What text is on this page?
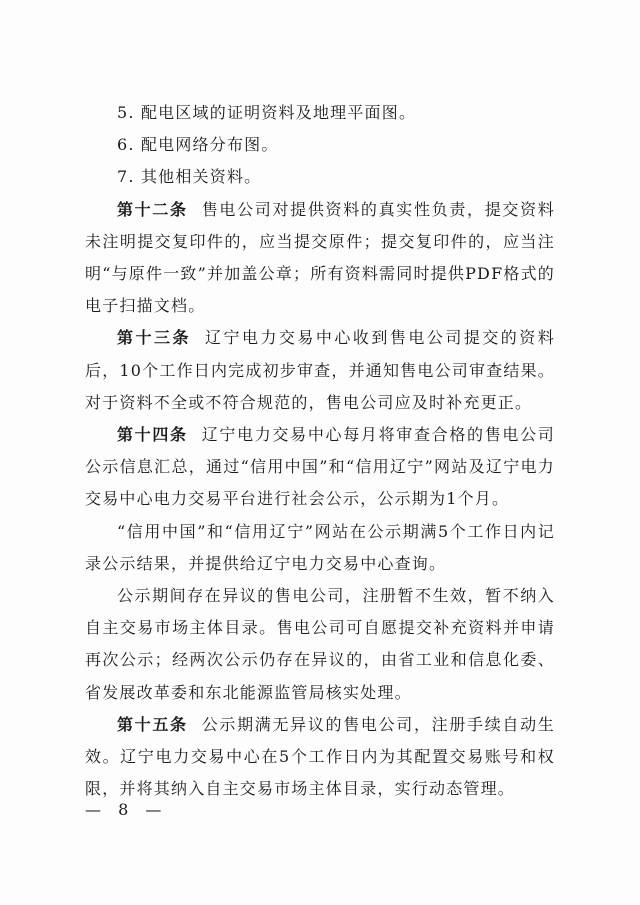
5. 配电区域的证明资料及地理平面图。

6. 配电网络分布图。

7. 其他相关资料。

第十二条 售电公司对提供资料的真实性负责，提交资料未注明提交复印件的，应当提交原件；提交复印件的，应当注明“与原件一致”并加盖公章；所有资料需同时提供PDF格式的电子扫描文档。

第十三条 辽宁电力交易中心收到售电公司提交的资料后，10个工作日内完成初步审查，并通知售电公司审查结果。对于资料不全或不符合规范的，售电公司应及时补充更正。

第十四条 辽宁电力交易中心每月将审查合格的售电公司公示信息汇总，通过“信用中国”和“信用辽宁”网站及辽宁电力交易中心电力交易平台进行社会公示，公示期为1个月。

“信用中国”和“信用辽宁”网站在公示期满5个工作日内记录公示结果，并提供给辽宁电力交易中心查询。

公示期间存在异议的售电公司，注册暂不生效，暂不纳入自主交易市场主体目录。售电公司可自愿提交补充资料并申请再次公示；经两次公示仍存在异议的，由省工业和信息化委、省发展改革委和东北能源监管局核实处理。

第十五条 公示期满无异议的售电公司，注册手续自动生效。辽宁电力交易中心在5个工作日内为其配置交易账号和权限，并将其纳入自主交易市场主体目录，实行动态管理。

— 8 —
